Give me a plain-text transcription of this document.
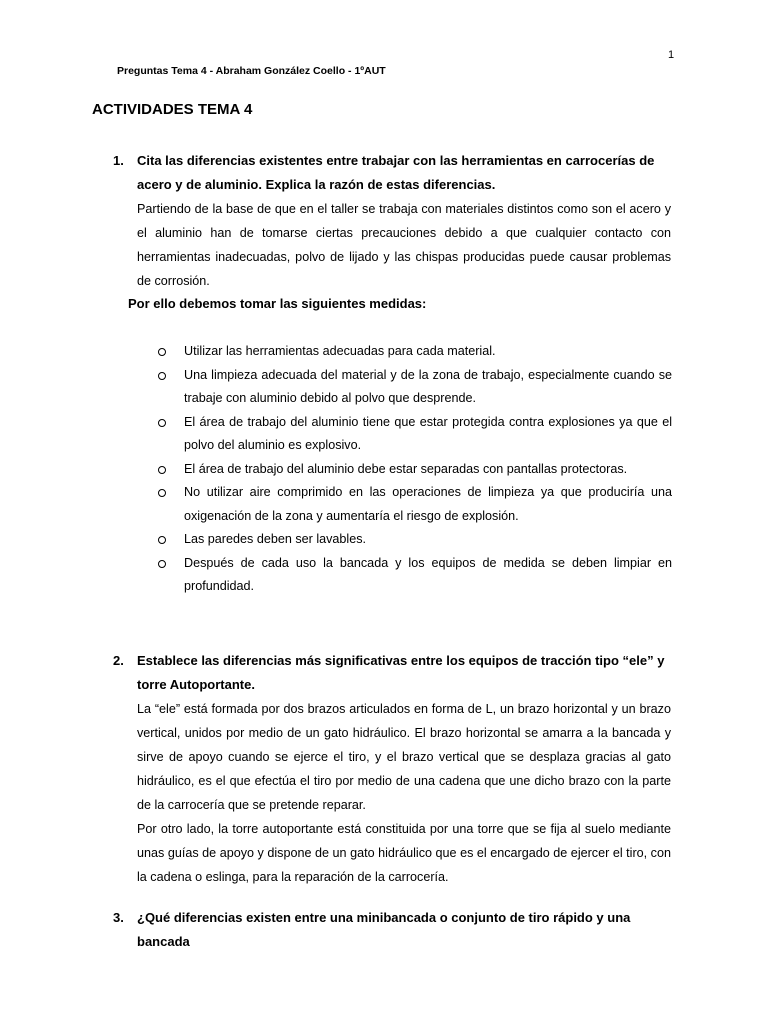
1
Preguntas Tema 4 - Abraham González Coello - 1ºAUT
ACTIVIDADES TEMA 4
1. Cita las diferencias existentes entre trabajar con las herramientas en carrocerías de acero y de aluminio. Explica la razón de estas diferencias.
Partiendo de la base de que en el taller se trabaja con materiales distintos como son el acero y el aluminio han de tomarse ciertas precauciones debido a que cualquier contacto con herramientas inadecuadas, polvo de lijado y las chispas producidas puede causar problemas de corrosión.
Por ello debemos tomar las siguientes medidas:
Utilizar las herramientas adecuadas para cada material.
Una limpieza adecuada del material y de la zona de trabajo, especialmente cuando se trabaje con aluminio debido al polvo que desprende.
El área de trabajo del aluminio tiene que estar protegida contra explosiones ya que el polvo del aluminio es explosivo.
El área de trabajo del aluminio debe estar separadas con pantallas protectoras.
No utilizar aire comprimido en las operaciones de limpieza ya que produciría una oxigenación de la zona y aumentaría el riesgo de explosión.
Las paredes deben ser lavables.
Después de cada uso la bancada y los equipos de medida se deben limpiar en profundidad.
2. Establece las diferencias más significativas entre los equipos de tracción tipo “ele” y torre Autoportante.
La “ele” está formada por dos brazos articulados en forma de L, un brazo horizontal y un brazo vertical, unidos por medio de un gato hidráulico. El brazo horizontal se amarra a la bancada y sirve de apoyo cuando se ejerce el tiro, y el brazo vertical que se desplaza gracias al gato hidráulico, es el que efectúa el tiro por medio de una cadena que une dicho brazo con la parte de la carrocería que se pretende reparar.
Por otro lado, la torre autoportante está constituida por una torre que se fija al suelo mediante unas guías de apoyo y dispone de un gato hidráulico que es el encargado de ejercer el tiro, con la cadena o eslinga, para la reparación de la carrocería.
3. ¿Qué diferencias existen entre una minibancada o conjunto de tiro rápido y una bancada
